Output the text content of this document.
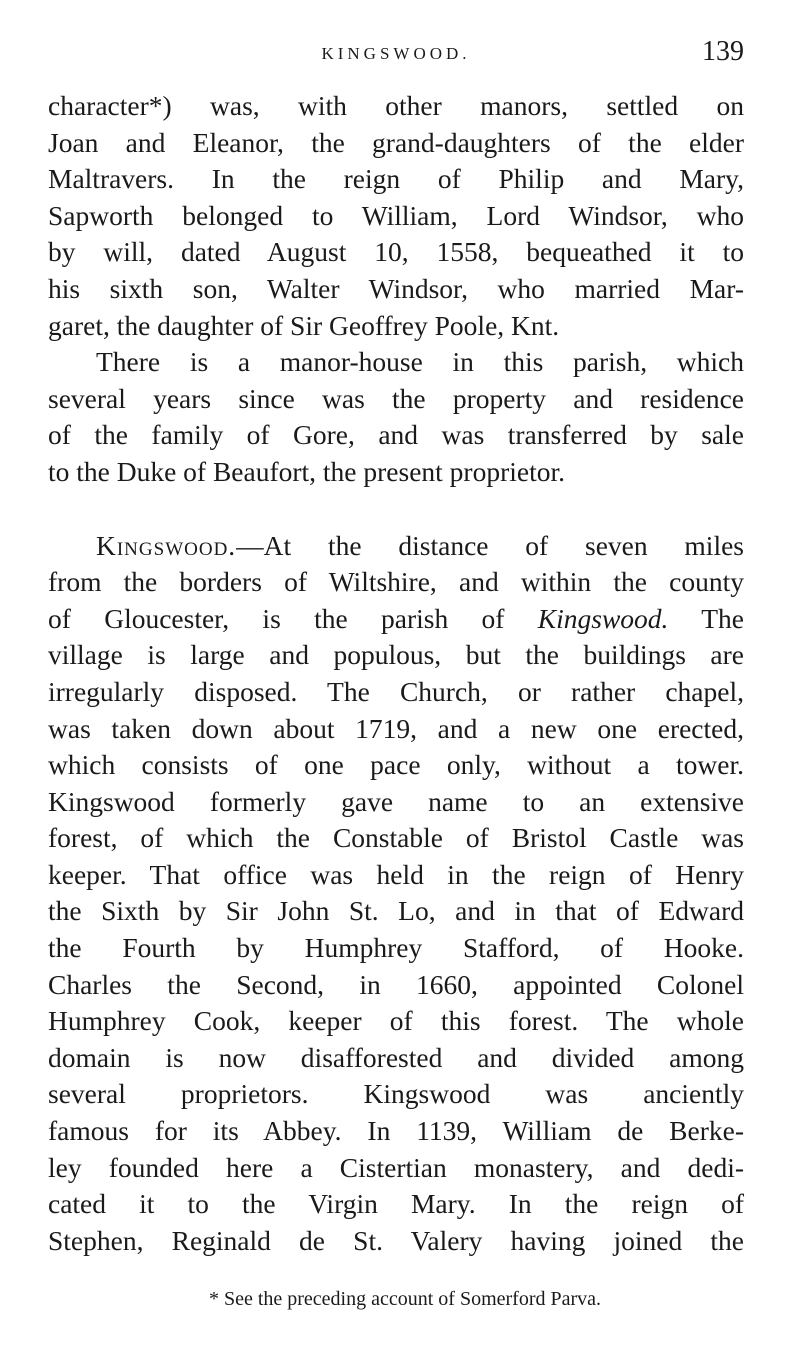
KINGSWOOD.	139
character*) was, with other manors, settled on
Joan and Eleanor, the grand-daughters of the elder
Maltravers. In the reign of Philip and Mary,
Sapworth belonged to William, Lord Windsor, who
by will, dated August 10, 1558, bequeathed it to
his sixth son, Walter Windsor, who married Mar-
garet, the daughter of Sir Geoffrey Poole, Knt.
There is a manor-house in this parish, which
several years since was the property and residence
of the family of Gore, and was transferred by sale
to the Duke of Beaufort, the present proprietor.
Kingswood.—At the distance of seven miles
from the borders of Wiltshire, and within the county
of Gloucester, is the parish of Kingswood. The
village is large and populous, but the buildings are
irregularly disposed. The Church, or rather chapel,
was taken down about 1719, and a new one erected,
which consists of one pace only, without a tower.
Kingswood formerly gave name to an extensive
forest, of which the Constable of Bristol Castle was
keeper. That office was held in the reign of Henry
the Sixth by Sir John St. Lo, and in that of Edward
the Fourth by Humphrey Stafford, of Hooke.
Charles the Second, in 1660, appointed Colonel
Humphrey Cook, keeper of this forest. The whole
domain is now disafforested and divided among
several proprietors. Kingswood was anciently
famous for its Abbey. In 1139, William de Berke-
ley founded here a Cistertian monastery, and dedi-
cated it to the Virgin Mary. In the reign of
Stephen, Reginald de St. Valery having joined the
* See the preceding account of Somerford Parva.
